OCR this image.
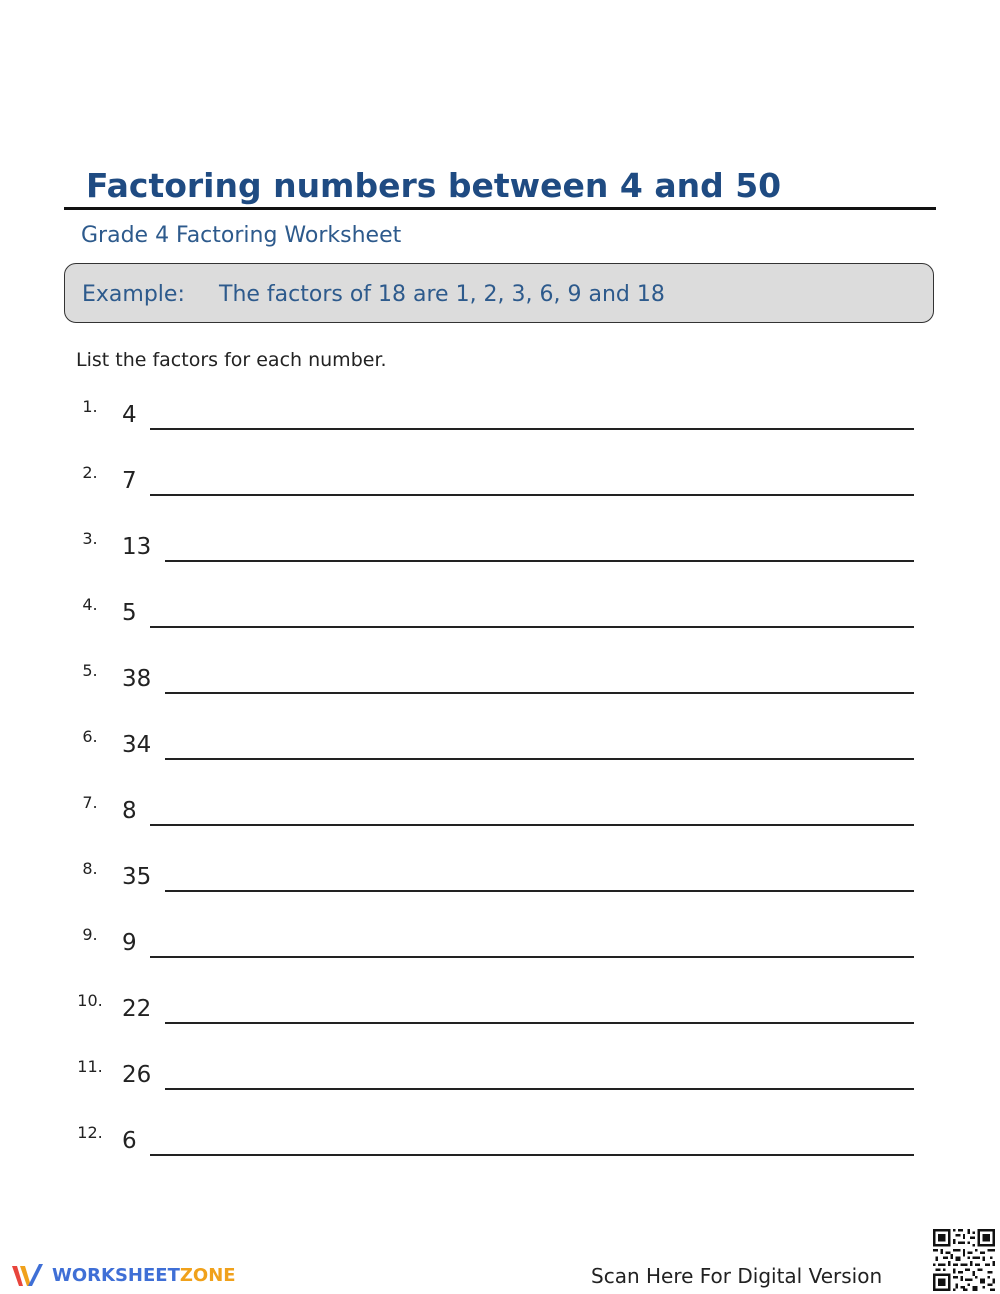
Factoring numbers between 4 and 50
Grade 4 Factoring Worksheet
Example: The factors of 18 are 1, 2, 3, 6, 9 and 18
List the factors for each number.
1. 4
2. 7
3. 13
4. 5
5. 38
6. 34
7. 8
8. 35
9. 9
10. 22
11. 26
12. 6
WORKSHEETZONE	Scan Here For Digital Version
